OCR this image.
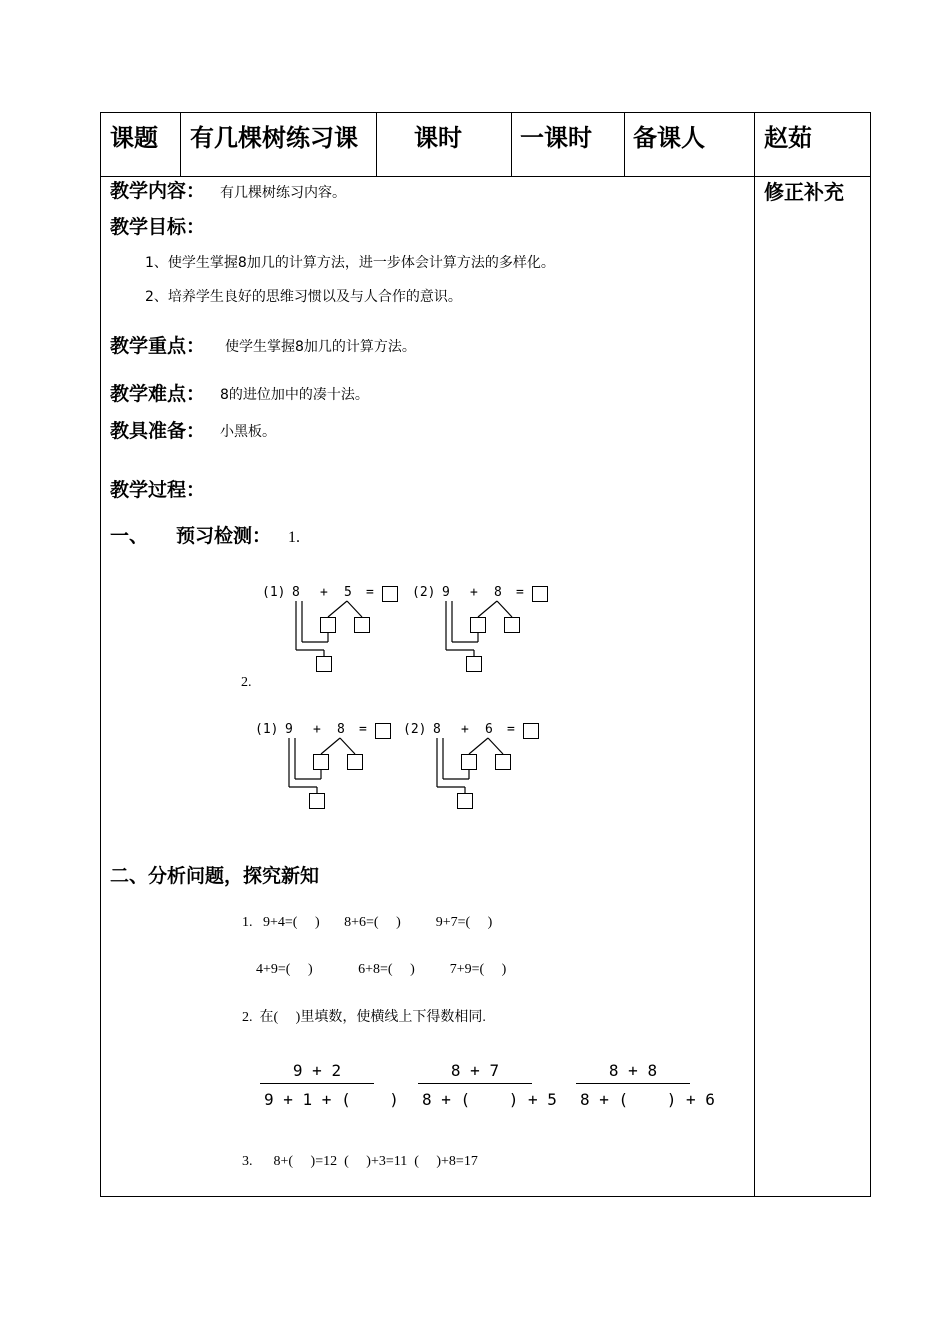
课题 有几棵树练习课 课时 一课时 备课人 赵茹
修正补充
教学内容： 有几棵树练习内容。
教学目标：
1、使学生掌握8加几的计算方法，进一步体会计算方法的多样化。
2、培养学生良好的思维习惯以及与人合作的意识。
教学重点： 使学生掌握8加几的计算方法。
教学难点： 8的进位加中的凑十法。
教具准备： 小黑板。
教学过程：
一、 预习检测： 1.
2.
(1) 8 + 5 =	(2) 9 + 8 =
(1) 9 + 8 =	(2) 8 + 6 =
二、分析问题，探究新知
1.   9+4=(     )       8+6=(     )          9+7=(     )
4+9=(     )             6+8=(     )          7+9=(     )
2.  在(     )里填数，使横线上下得数相同.
9 + 2
9 + 1 + (    )
8 + 7
8 + (    ) + 5
8 + 8
8 + (    ) + 6
3.      8+(     )=12  (     )+3=11  (     )+8=17
